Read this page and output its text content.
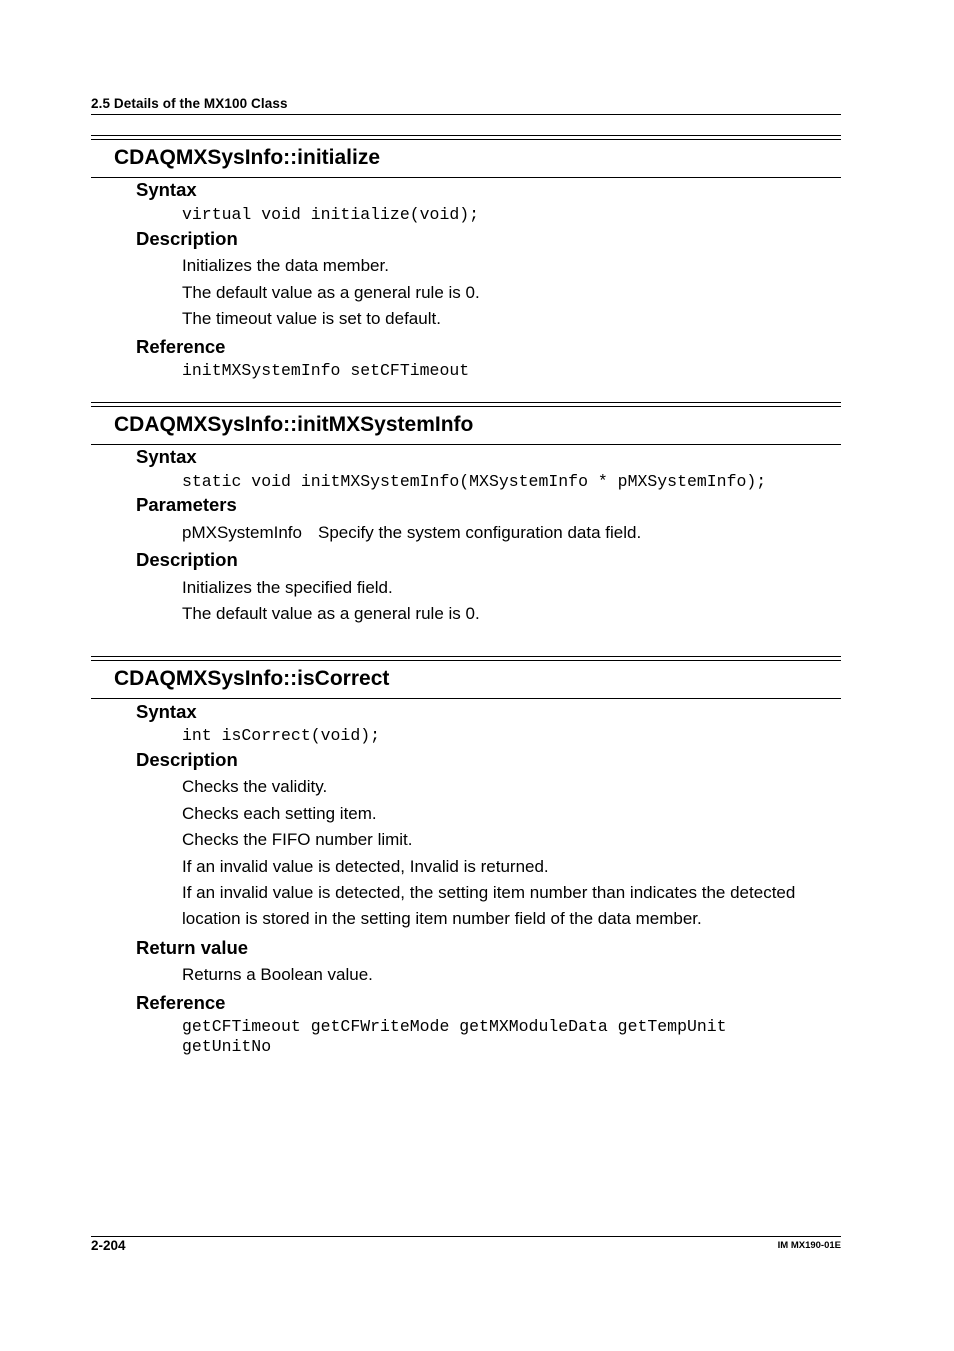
2.5 Details of the MX100 Class
CDAQMXSysInfo::initialize
Syntax
virtual void initialize(void);
Description
Initializes the data member.
The default value as a general rule is 0.
The timeout value is set to default.
Reference
initMXSystemInfo setCFTimeout
CDAQMXSysInfo::initMXSystemInfo
Syntax
static void initMXSystemInfo(MXSystemInfo * pMXSystemInfo);
Parameters
pMXSystemInfo Specify the system configuration data field.
Description
Initializes the specified field.
The default value as a general rule is 0.
CDAQMXSysInfo::isCorrect
Syntax
int isCorrect(void);
Description
Checks the validity.
Checks each setting item.
Checks the FIFO number limit.
If an invalid value is detected, Invalid is returned.
If an invalid value is detected, the setting item number than indicates the detected
location is stored in the setting item number field of the data member.
Return value
Returns a Boolean value.
Reference
getCFTimeout getCFWriteMode getMXModuleData getTempUnit
getUnitNo
2-204	IM MX190-01E
